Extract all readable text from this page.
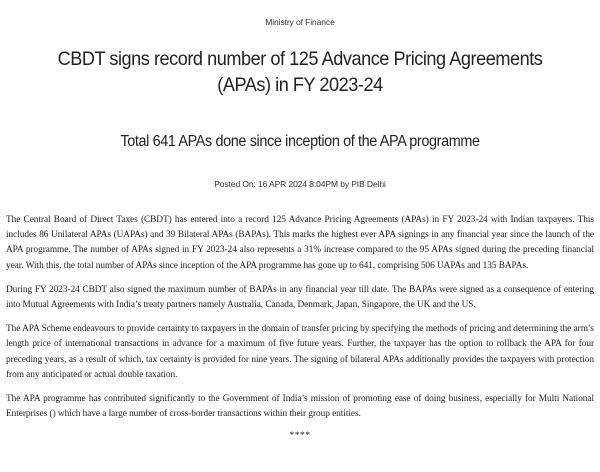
Ministry of Finance

CBDT signs record number of 125 Advance Pricing Agreements (APAs) in FY 2023-24
Total 641 APAs done since inception of the APA programme

Posted On: 16 APR 2024 8:04PM by PIB Delhi

The Central Board of Direct Taxes (CBDT) has entered into a record 125 Advance Pricing Agreements (APAs) in FY 2023-24 with Indian taxpayers. This includes 86 Unilateral APAs (UAPAs) and 39 Bilateral APAs (BAPAs). This marks the highest ever APA signings in any financial year since the launch of the APA programme. The number of APAs signed in FY 2023-24 also represents a 31% increase compared to the 95 APAs signed during the preceding financial year. With this, the total number of APAs since inception of the APA programme has gone up to 641, comprising 506 UAPAs and 135 BAPAs.

During FY 2023-24 CBDT also signed the maximum number of BAPAs in any financial year till date. The BAPAs were signed as a consequence of entering into Mutual Agreements with India’s treaty partners namely Australia, Canada, Denmark, Japan, Singapore, the UK and the US.

The APA Scheme endeavours to provide certainty to taxpayers in the domain of transfer pricing by specifying the methods of pricing and determining the arm’s length price of international transactions in advance for a maximum of five future years. Further, the taxpayer has the option to rollback the APA for four preceding years, as a result of which, tax certainty is provided for nine years. The signing of bilateral APAs additionally provides the taxpayers with protection from any anticipated or actual double taxation.

The APA programme has contributed significantly to the Government of India’s mission of promoting ease of doing business, especially for Multi National Enterprises () which have a large number of cross-border transactions within their group entities.

****
